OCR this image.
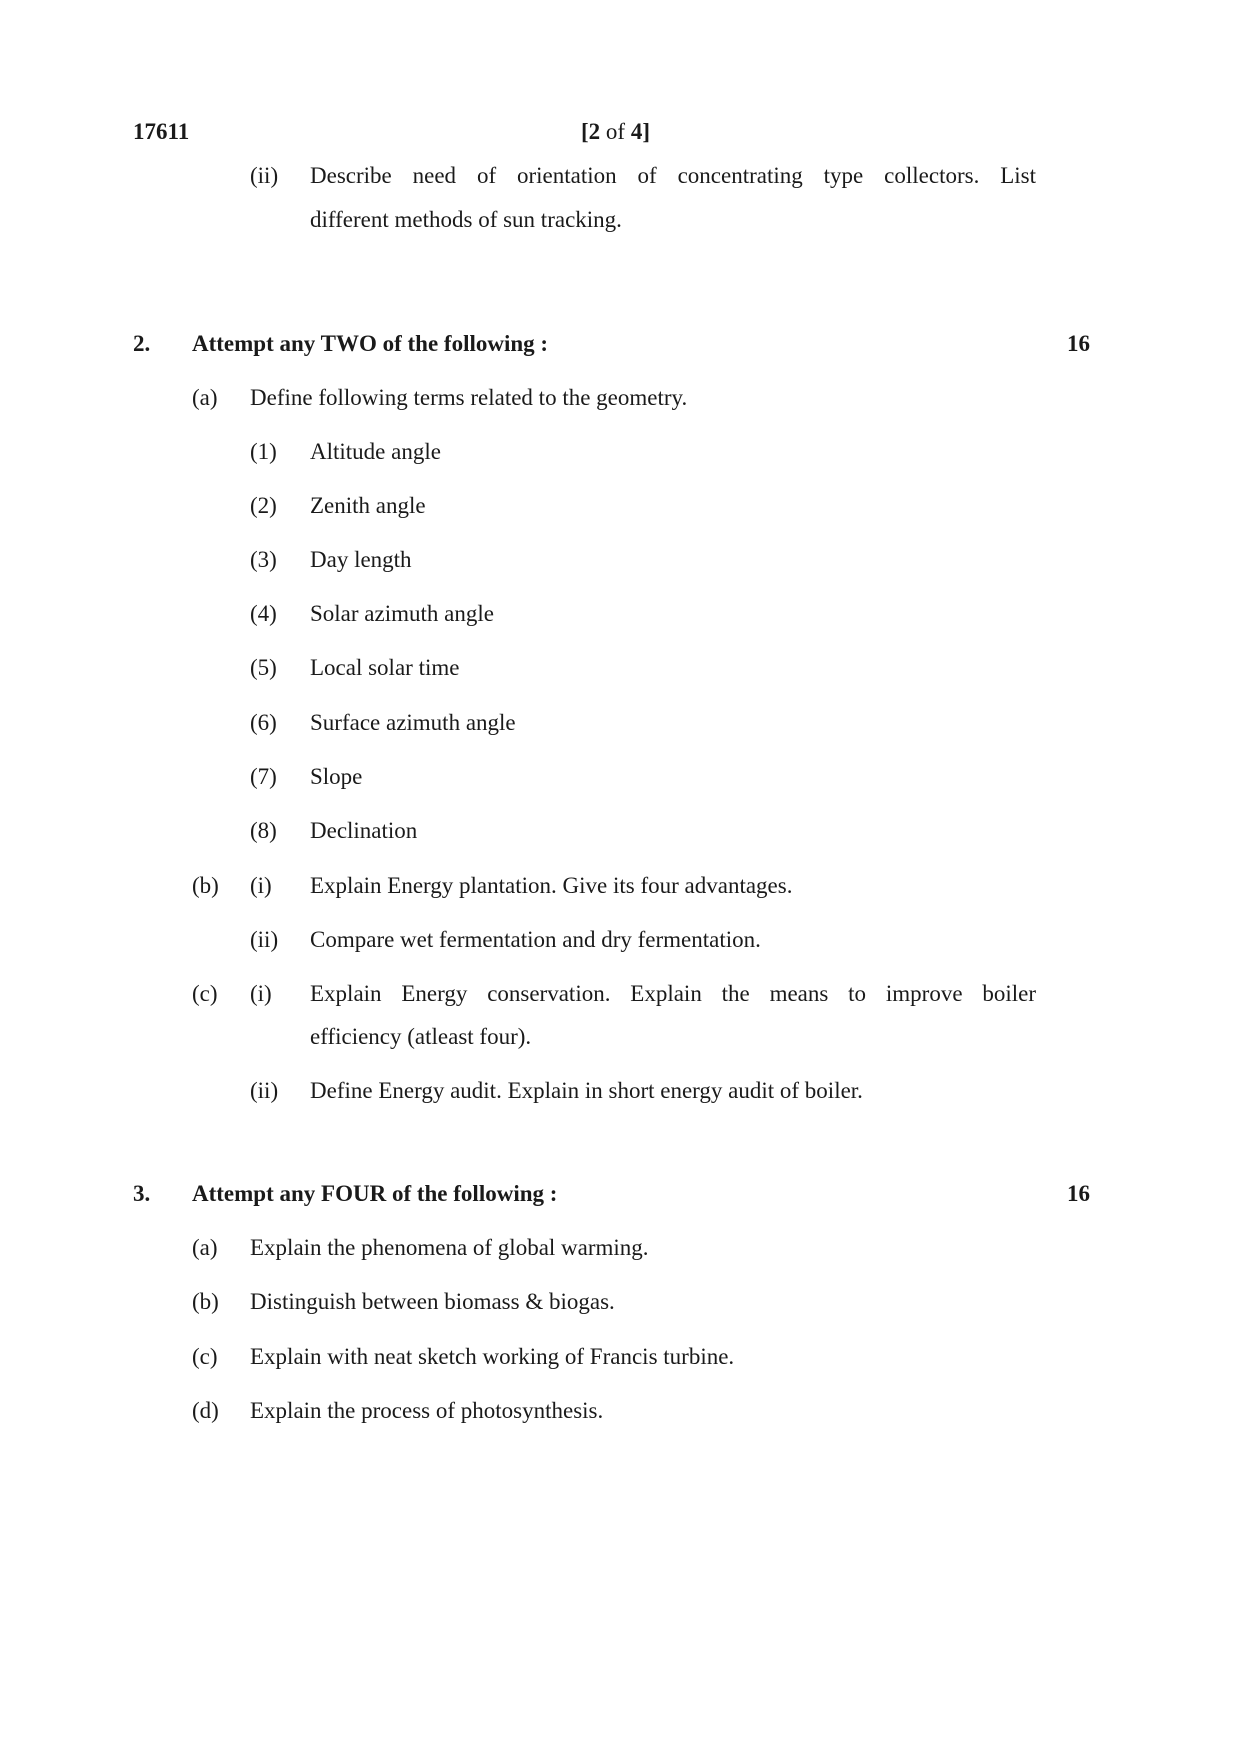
17611	[2 of 4]
(ii) Describe need of orientation of concentrating type collectors. List
different methods of sun tracking.
2. Attempt any TWO of the following :	16
(a) Define following terms related to the geometry.
(1) Altitude angle
(2) Zenith angle
(3) Day length
(4) Solar azimuth angle
(5) Local solar time
(6) Surface azimuth angle
(7) Slope
(8) Declination
(b) (i) Explain Energy plantation. Give its four advantages.
(ii) Compare wet fermentation and dry fermentation.
(c) (i) Explain Energy conservation. Explain the means to improve boiler
efficiency (atleast four).
(ii) Define Energy audit. Explain in short energy audit of boiler.
3. Attempt any FOUR of the following :	16
(a) Explain the phenomena of global warming.
(b) Distinguish between biomass & biogas.
(c) Explain with neat sketch working of Francis turbine.
(d) Explain the process of photosynthesis.
